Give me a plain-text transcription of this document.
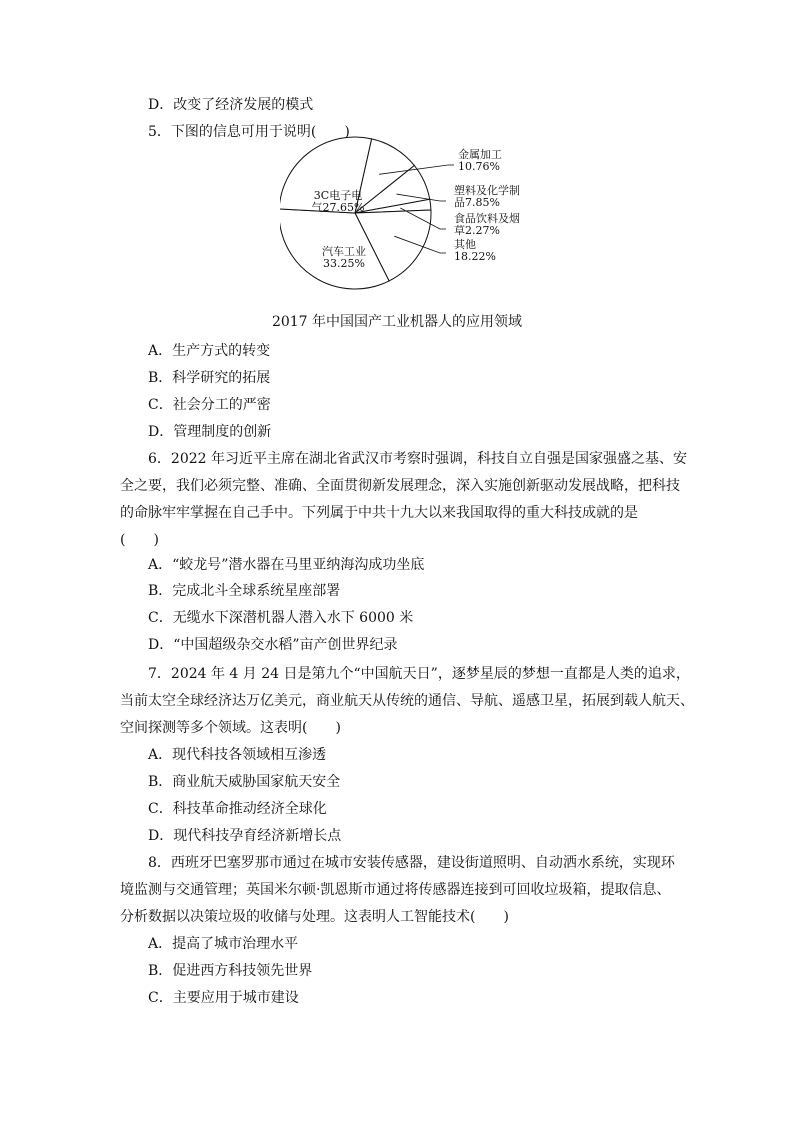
D．改变了经济发展的模式
5．下图的信息可用于说明(　　)
金属加工 10.76%
塑料及化学制品7.85%
食品饮料及烟草2.27%
其他 18.22%
汽车工业 33.25%
3C电子电气27.65%
2017 年中国国产工业机器人的应用领域
A．生产方式的转变
B．科学研究的拓展
C．社会分工的严密
D．管理制度的创新
6．2022 年习近平主席在湖北省武汉市考察时强调，科技自立自强是国家强盛之基、安
全之要，我们必须完整、准确、全面贯彻新发展理念，深入实施创新驱动发展战略，把科技
的命脉牢牢掌握在自己手中。下列属于中共十九大以来我国取得的重大科技成就的是
(　　)
A．“蛟龙号”潜水器在马里亚纳海沟成功坐底
B．完成北斗全球系统星座部署
C．无缆水下深潜机器人潜入水下 6000 米
D．“中国超级杂交水稻”亩产创世界纪录
7．2024 年 4 月 24 日是第九个“中国航天日”，逐梦星辰的梦想一直都是人类的追求，
当前太空全球经济达万亿美元，商业航天从传统的通信、导航、遥感卫星，拓展到载人航天、
空间探测等多个领域。这表明(　　)
A．现代科技各领域相互渗透
B．商业航天威胁国家航天安全
C．科技革命推动经济全球化
D．现代科技孕育经济新增长点
8．西班牙巴塞罗那市通过在城市安装传感器，建设街道照明、自动洒水系统，实现环
境监测与交通管理；英国米尔顿·凯恩斯市通过将传感器连接到可回收垃圾箱，提取信息、
分析数据以决策垃圾的收储与处理。这表明人工智能技术(　　)
A．提高了城市治理水平
B．促进西方科技领先世界
C．主要应用于城市建设
